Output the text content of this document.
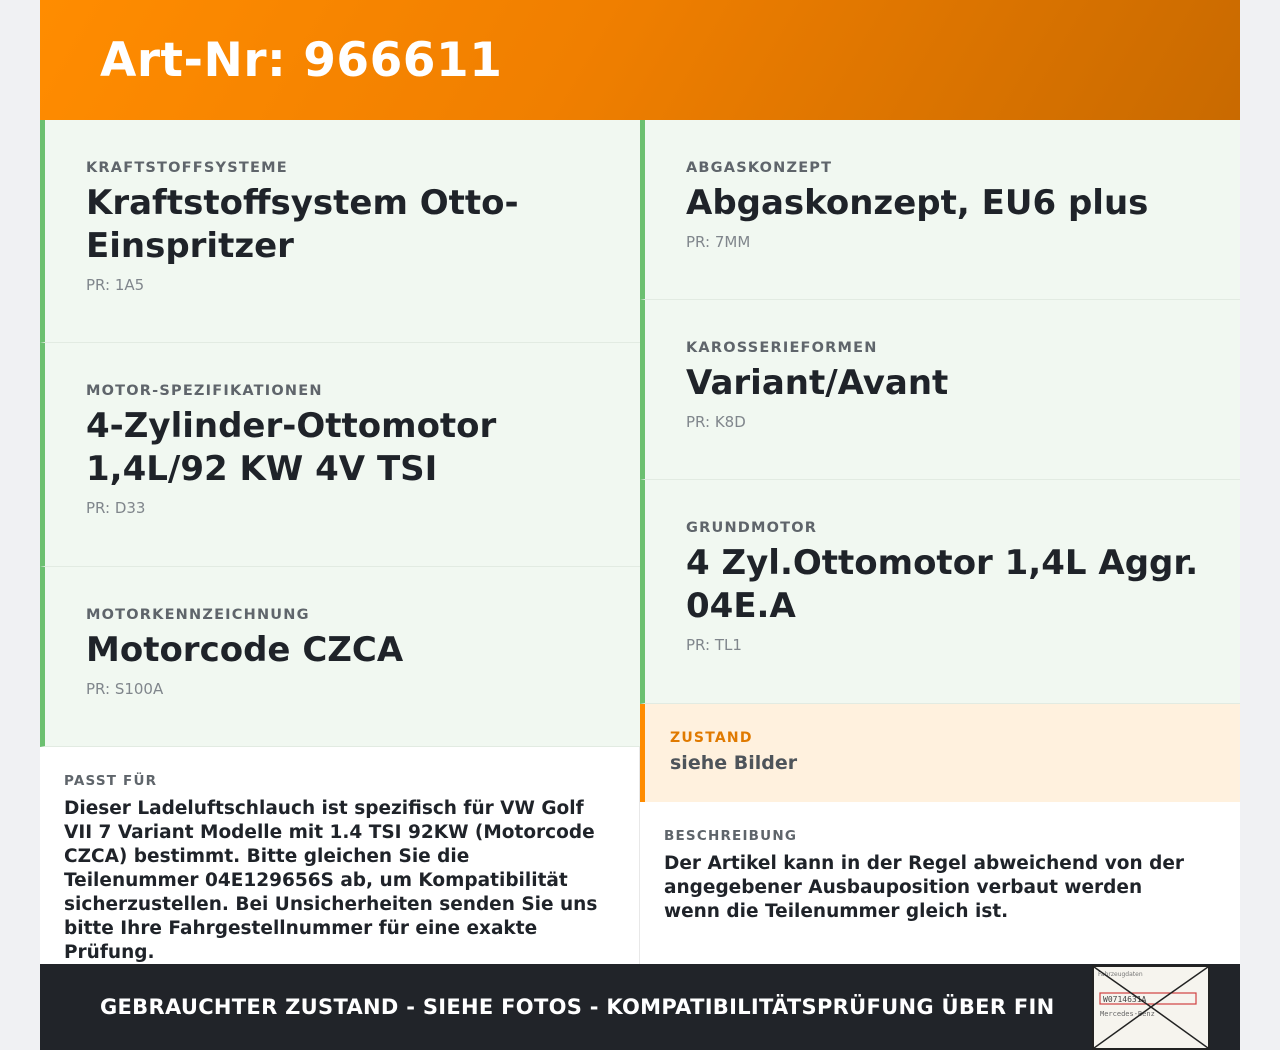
Art-Nr: 966611
KRAFTSTOFFSYSTEME
Kraftstoffsystem Otto-Einspritzer
PR: 1A5
MOTOR-SPEZIFIKATIONEN
4-Zylinder-Ottomotor 1,4L/92 KW 4V TSI
PR: D33
MOTORKENNZEICHNUNG
Motorcode CZCA
PR: S100A
PASST FÜR
Dieser Ladeluftschlauch ist spezifisch für VW Golf VII 7 Variant Modelle mit 1.4 TSI 92KW (Motorcode CZCA) bestimmt. Bitte gleichen Sie die Teilenummer 04E129656S ab, um Kompatibilität sicherzustellen. Bei Unsicherheiten senden Sie uns bitte Ihre Fahrgestellnummer für eine exakte Prüfung.
ABGASKONZEPT
Abgaskonzept, EU6 plus
PR: 7MM
KAROSSERIEFORMEN
Variant/Avant
PR: K8D
GRUNDMOTOR
4 Zyl.Ottomotor 1,4L Aggr. 04E.A
PR: TL1
ZUSTAND
siehe Bilder
BESCHREIBUNG
Der Artikel kann in der Regel abweichend von der angegebener Ausbauposition verbaut werden wenn die Teilenummer gleich ist.
GEBRAUCHTER ZUSTAND - SIEHE FOTOS - KOMPATIBILITÄTSPRÜFUNG ÜBER FIN
Fahrzeugdaten
W0714631A
Mercedes-Benz
